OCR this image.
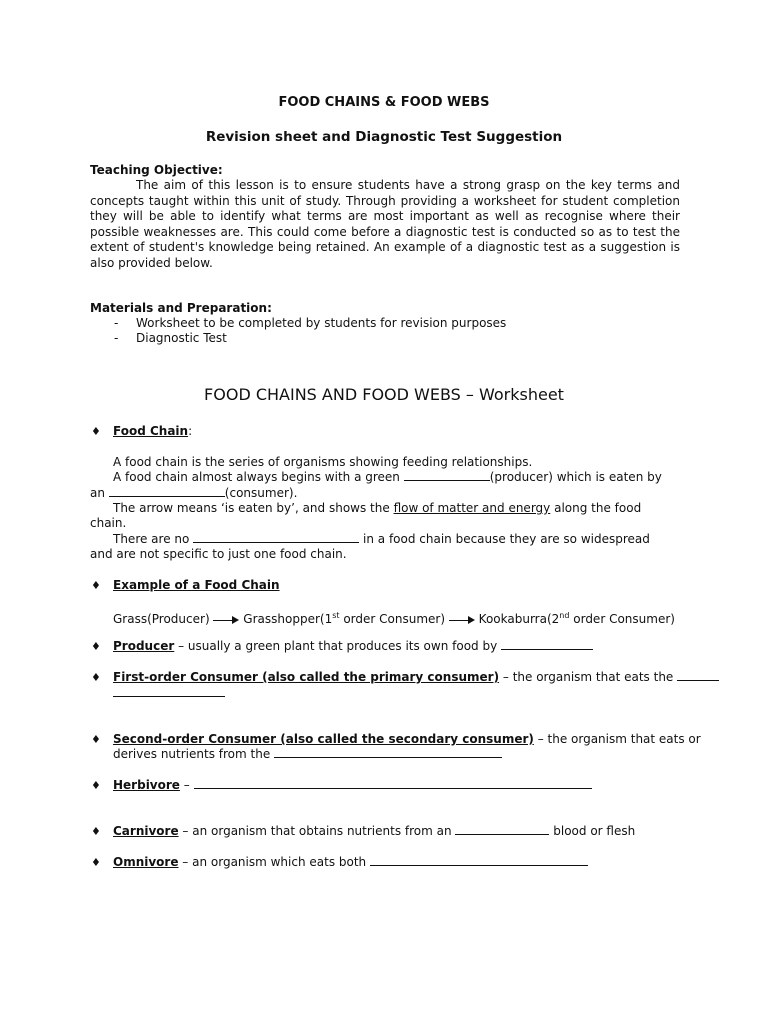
FOOD CHAINS & FOOD WEBS
Revision sheet and Diagnostic Test Suggestion
Teaching Objective:
The aim of this lesson is to ensure students have a strong grasp on the key terms and concepts taught within this unit of study. Through providing a worksheet for student completion they will be able to identify what terms are most important as well as recognise where their possible weaknesses are. This could come before a diagnostic test is conducted so as to test the extent of student's knowledge being retained. An example of a diagnostic test as a suggestion is also provided below.
Materials and Preparation:
- Worksheet to be completed by students for revision purposes
- Diagnostic Test
FOOD CHAINS AND FOOD WEBS – Worksheet
♦ Food Chain:
A food chain is the series of organisms showing feeding relationships.
A food chain almost always begins with a green	(producer) which is eaten by
an	(consumer).
The arrow means ‘is eaten by’, and shows the flow of matter and energy along the food
chain.
There are no	in a food chain because they are so widespread
and are not specific to just one food chain.
♦ Example of a Food Chain
Grass(Producer)	Grasshopper(1st order Consumer)	Kookaburra(2nd order Consumer)
♦ Producer – usually a green plant that produces its own food by
♦ First-order Consumer (also called the primary consumer) – the organism that eats the
♦ Second-order Consumer (also called the secondary consumer) – the organism that eats or
derives nutrients from the
♦ Herbivore –
♦ Carnivore – an organism that obtains nutrients from an	blood or flesh
♦ Omnivore – an organism which eats both
